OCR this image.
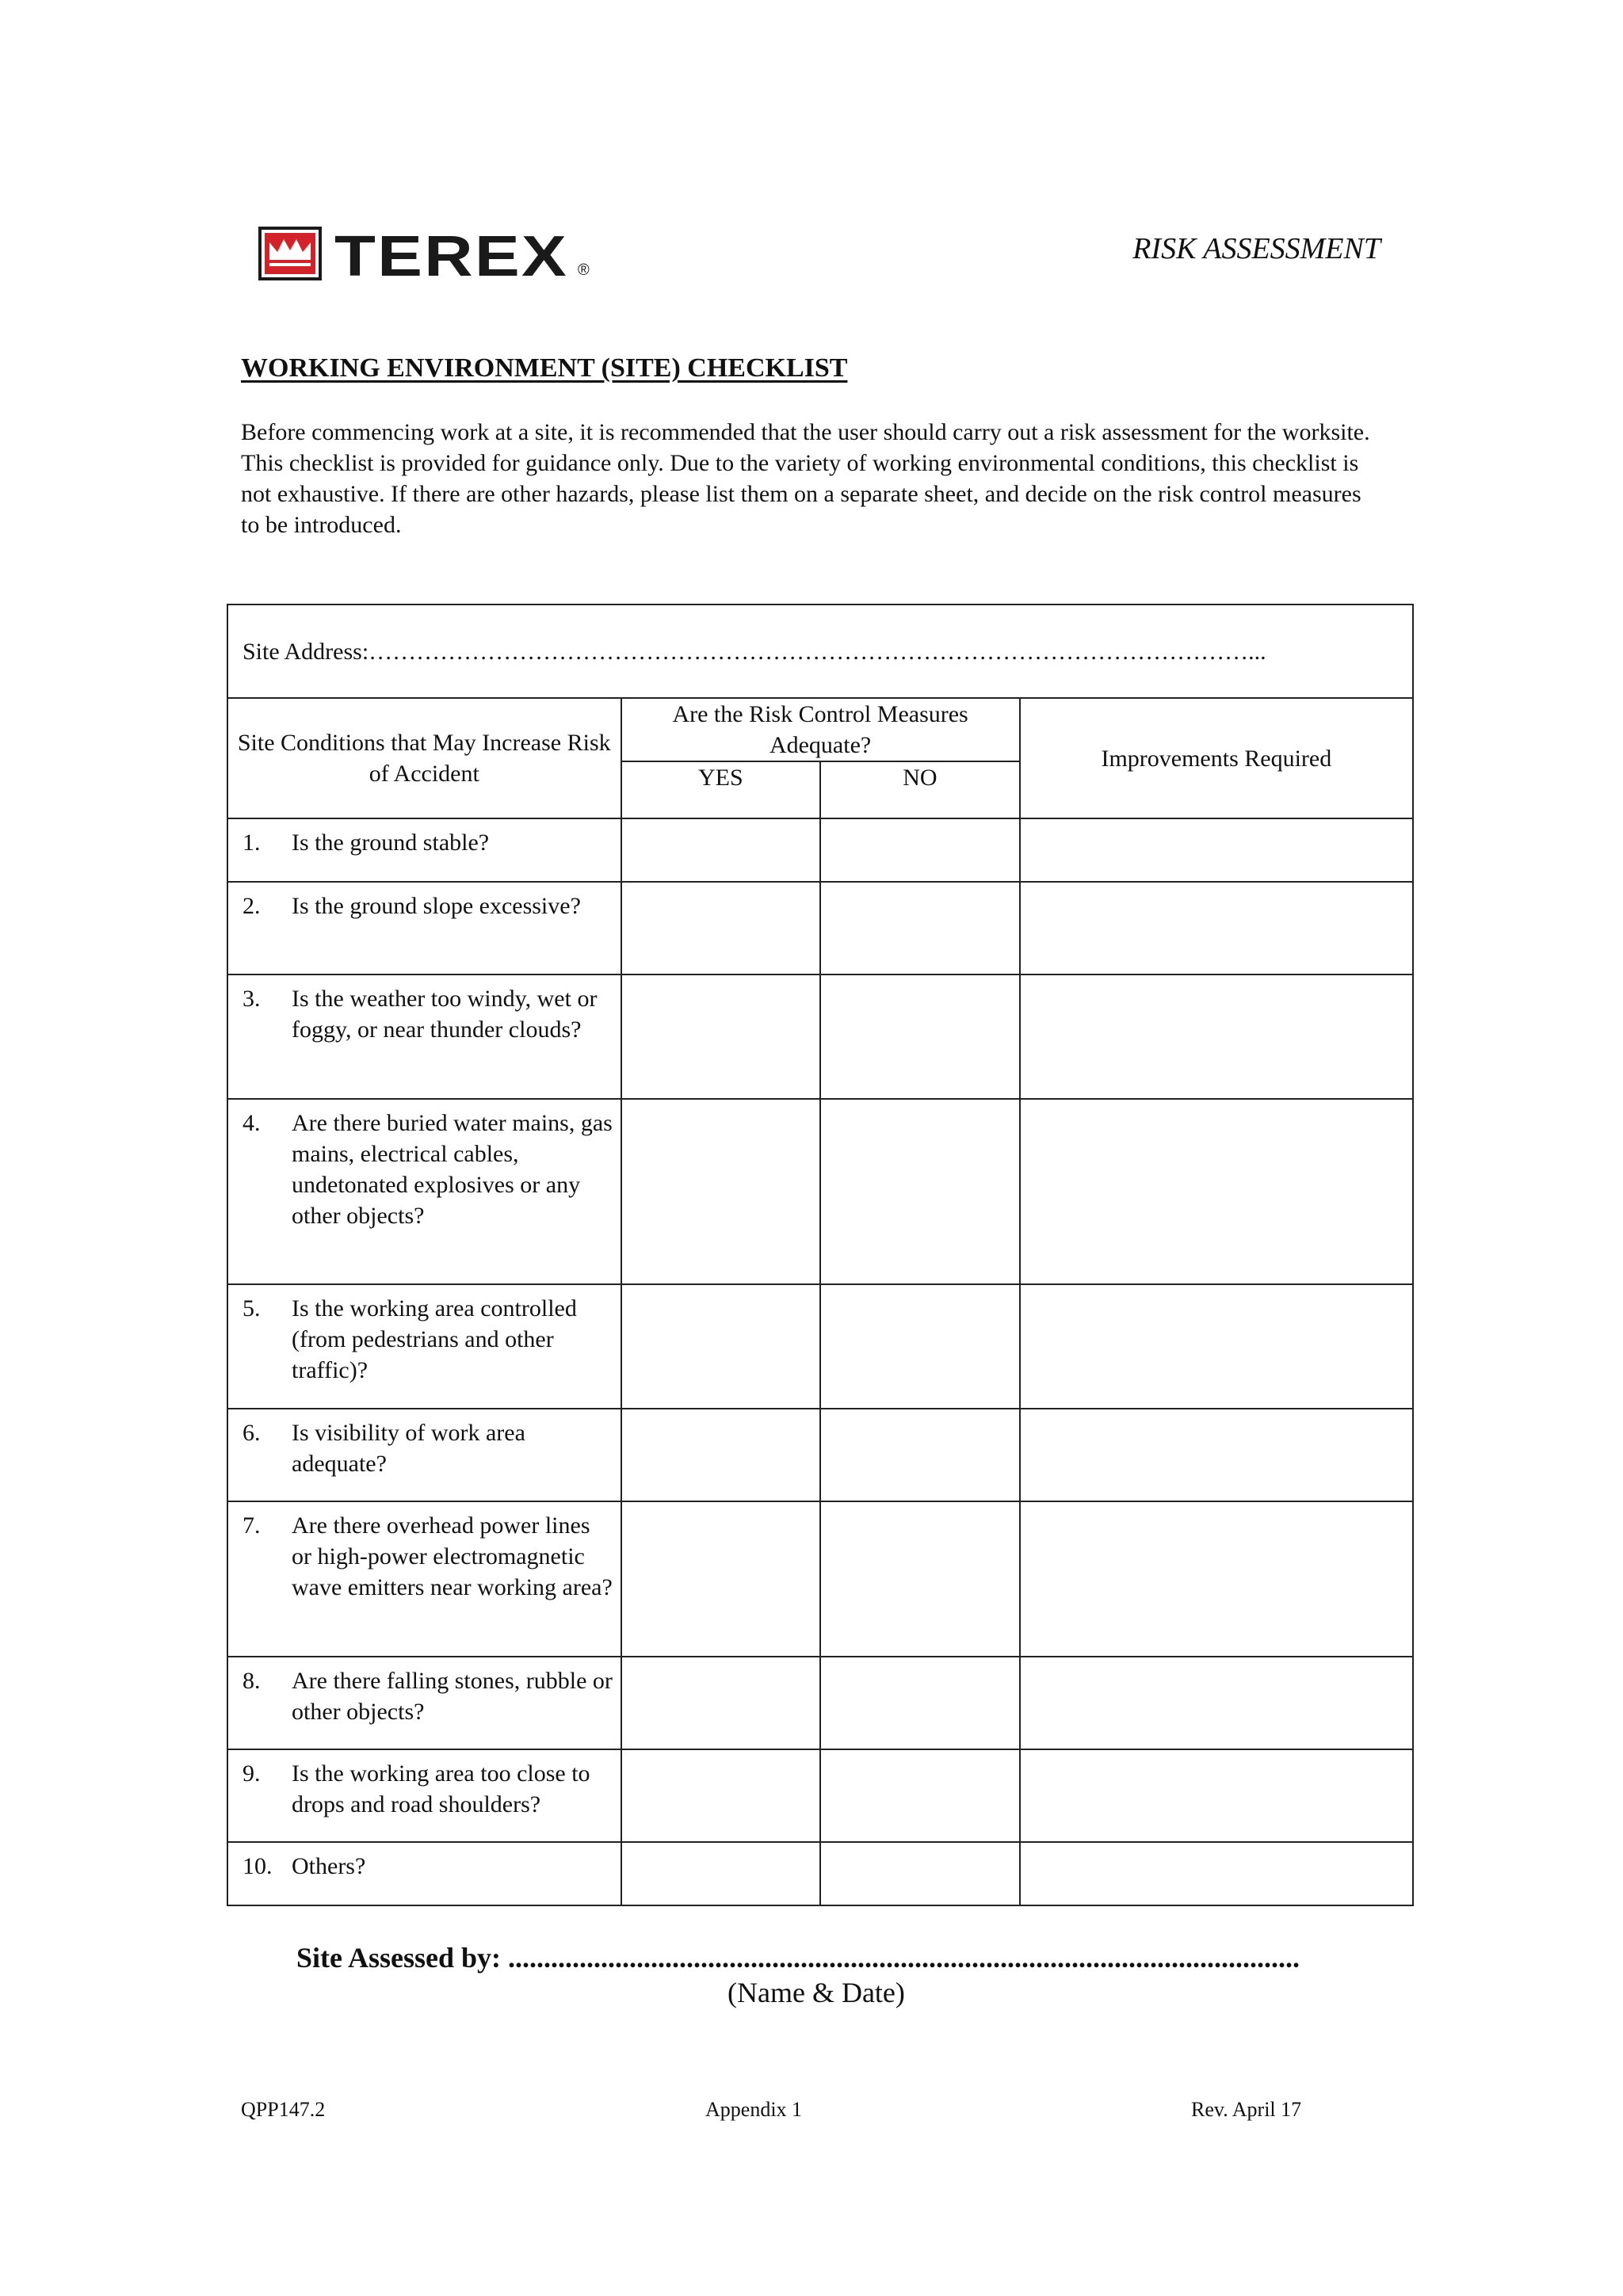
TEREX ®
RISK ASSESSMENT
WORKING ENVIRONMENT (SITE) CHECKLIST

Before commencing work at a site, it is recommended that the user should carry out a risk assessment for the worksite. This checklist is provided for guidance only. Due to the variety of working environmental conditions, this checklist is not exhaustive. If there are other hazards, please list them on a separate sheet, and decide on the risk control measures to be introduced.

Site Address:…………………………………………………………………………………………………...			
Site Conditions that May Increase Risk of Accident	Are the Risk Control Measures Adequate?		Improvements Required
	YES	NO	

1. Is the ground stable?			

2. Is the ground slope excessive?			

3. Is the weather too windy, wet or foggy, or near thunder clouds?			

4. Are there buried water mains, gas mains, electrical cables, undetonated explosives or any other objects?			

5. Is the working area controlled (from pedestrians and other traffic)?			

6. Is visibility of work area adequate?			

7. Are there overhead power lines or high-power electromagnetic wave emitters near working area?			

8. Are there falling stones, rubble or other objects?			

9. Is the working area too close to drops and road shoulders?			

10. Others?			

Site Assessed by: ...............................................................................................................
(Name & Date)
QPP147.2	Appendix 1	Rev. April 17
